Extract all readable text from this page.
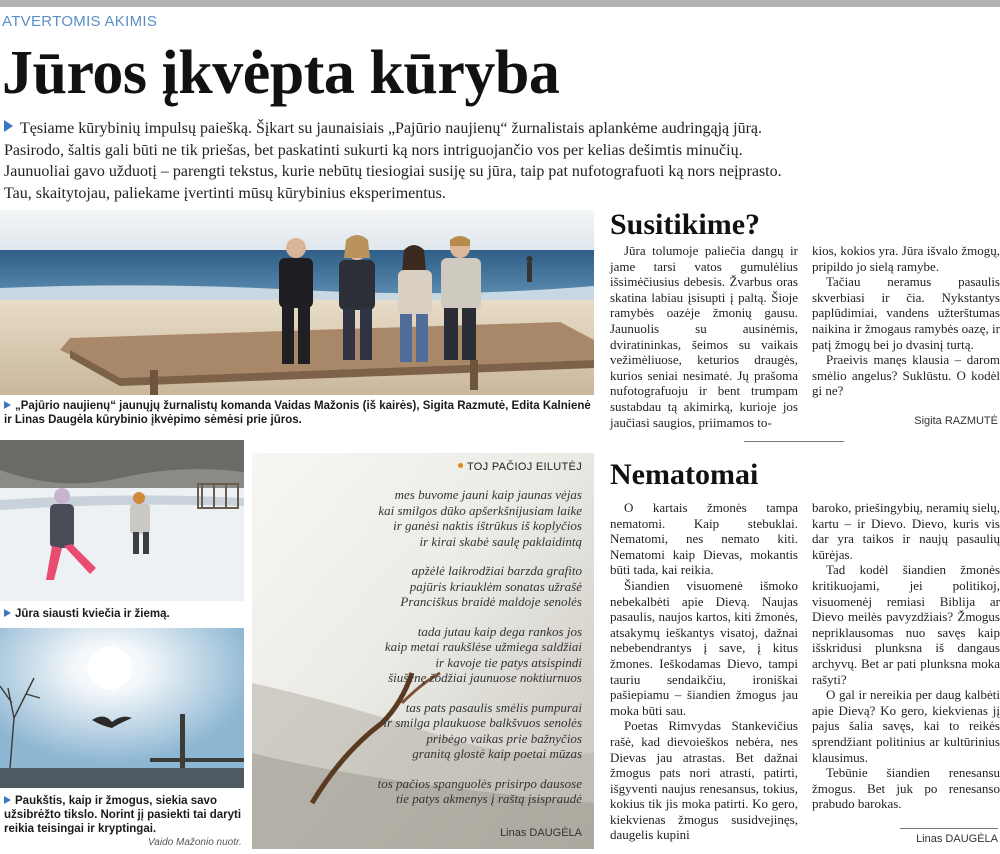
ATVERTOMIS AKIMIS
Jūros įkvėpta kūryba
Tęsiame kūrybinių impulsų paiešką. Šįkart su jaunaisiais „Pajūrio naujienų“ žurnalistais aplankėme audringąją jūrą. Pasirodo, šaltis gali būti ne tik priešas, bet paskatinti sukurti ką nors intriguojančio vos per kelias dešimtis minučių. Jaunuoliai gavo užduotį – parengti tekstus, kurie nebūtų tiesiogiai susiję su jūra, taip pat nufotografuoti ką nors neįprasto. Tau, skaitytojau, paliekame įvertinti mūsų kūrybinius eksperimentus.
„Pajūrio naujienų“ jaunųjų žurnalistų komanda Vaidas Mažonis (iš kairės), Sigita Razmutė, Edita Kalnienė ir Linas Daugėla kūrybinio įkvėpimo sėmėsi prie jūros.
Jūra siausti kviečia ir žiemą.
Paukštis, kaip ir žmogus, siekia savo užsibrėžto tikslo. Norint jį pasiekti tai daryti reikia teisingai ir kryptingai.
Vaido Mažonio nuotr.
TOJ PAČIOJ EILUTĖJ
mes buvome jauni kaip jaunas vėjas
kai smilgos dūko apšerkšnijusiam laike
ir ganėsi naktis ištrūkus iš koplyčios
ir kirai skabė saulę paklaidintą
apžėlė laikrodžiai barzda grafito
pajūris kriauklėm sonatas užrašė
Pranciškus braidė maldoje senolės
tada jutau kaip dega rankos jos
kaip metai raukšlėse užmiega saldžiai
ir kavoje tie patys atsispindi
šiušenę žodžiai jaunuose noktiurnuos
tas pats pasaulis smėlis pumpurai
ir smilga plaukuose balkšvuos senolės
pribėgo vaikas prie bažnyčios
granitą glostė kaip poetai mūzas
tos pačios spanguolės prisirpo dausose
tie patys akmenys į raštą įsispraudė
Linas DAUGĖLA
Susitikime?

Jūra tolumoje paliečia dangų ir jame tarsi vatos gumulėlius išsimėčiusius debesis. Žvarbus oras skatina labiau įsisupti į paltą. Šioje ramybės oazėje žmonių gausu. Jaunuolis su ausinėmis, dviratininkas, šeimos su vaikais vežimėliuose, keturios draugės, kurios seniai nesimatė. Jų prašoma nufotografuoju ir bent trumpam sustabdau tą akimirką, kurioje jos jaučiasi saugios, priimamos to-

kios, kokios yra. Jūra išvalo žmogų, pripildo jo sielą ramybe.

Tačiau neramus pasaulis skverbiasi ir čia. Nykstantys paplūdimiai, vandens užterštumas naikina ir žmogaus ramybės oazę, ir patį žmogų bei jo dvasinį turtą.

Praeivis manęs klausia – darom smėlio angelus? Suklūstu. O kodėl gi ne?

Sigita RAZMUTĖ
Nematomai

O kartais žmonės tampa nematomi. Kaip stebuklai. Nematomi, nes nemato kiti. Nematomi kaip Dievas, mokantis būti tada, kai reikia.

Šiandien visuomenė išmoko nebekalbėti apie Dievą. Naujas pasaulis, naujos kartos, kiti žmonės, atsakymų ieškantys visatoj, dažnai nebebendrantys į save, į kitus žmones. Ieškodamas Dievo, tampi tauriu sendaikčiu, ironiškai pašiepiamu – šiandien žmogus jau moka būti sau.

Poetas Rimvydas Stankevičius rašė, kad dievoieškos nebėra, nes Dievas jau atrastas. Bet dažnai žmogus pats nori atrasti, patirti, išgyventi naujus renesansus, tokius, kokius tik jis moka patirti. Ko gero, kiekvienas žmogus susidvejinęs, daugelis kupini

baroko, priešingybių, neramių sielų, kartu – ir Dievo. Dievo, kuris vis dar yra taikos ir naujų pasaulių kūrėjas.

Tad kodėl šiandien žmonės kritikuojami, jei politikoj, visuomenėj remiasi Biblija ar Dievo meilės pavyzdžiais? Žmogus nepriklausomas nuo savęs kaip išskridusi plunksna iš dangaus archyvų. Bet ar pati plunksna moka rašyti?

O gal ir nereikia per daug kalbėti apie Dievą? Ko gero, kiekvienas jį pajus šalia savęs, kai to reikės sprendžiant politinius ar kultūrinius klausimus.

Tebūnie šiandien renesansu žmogus. Bet juk po renesanso prabudo barokas.

Linas DAUGĖLA
